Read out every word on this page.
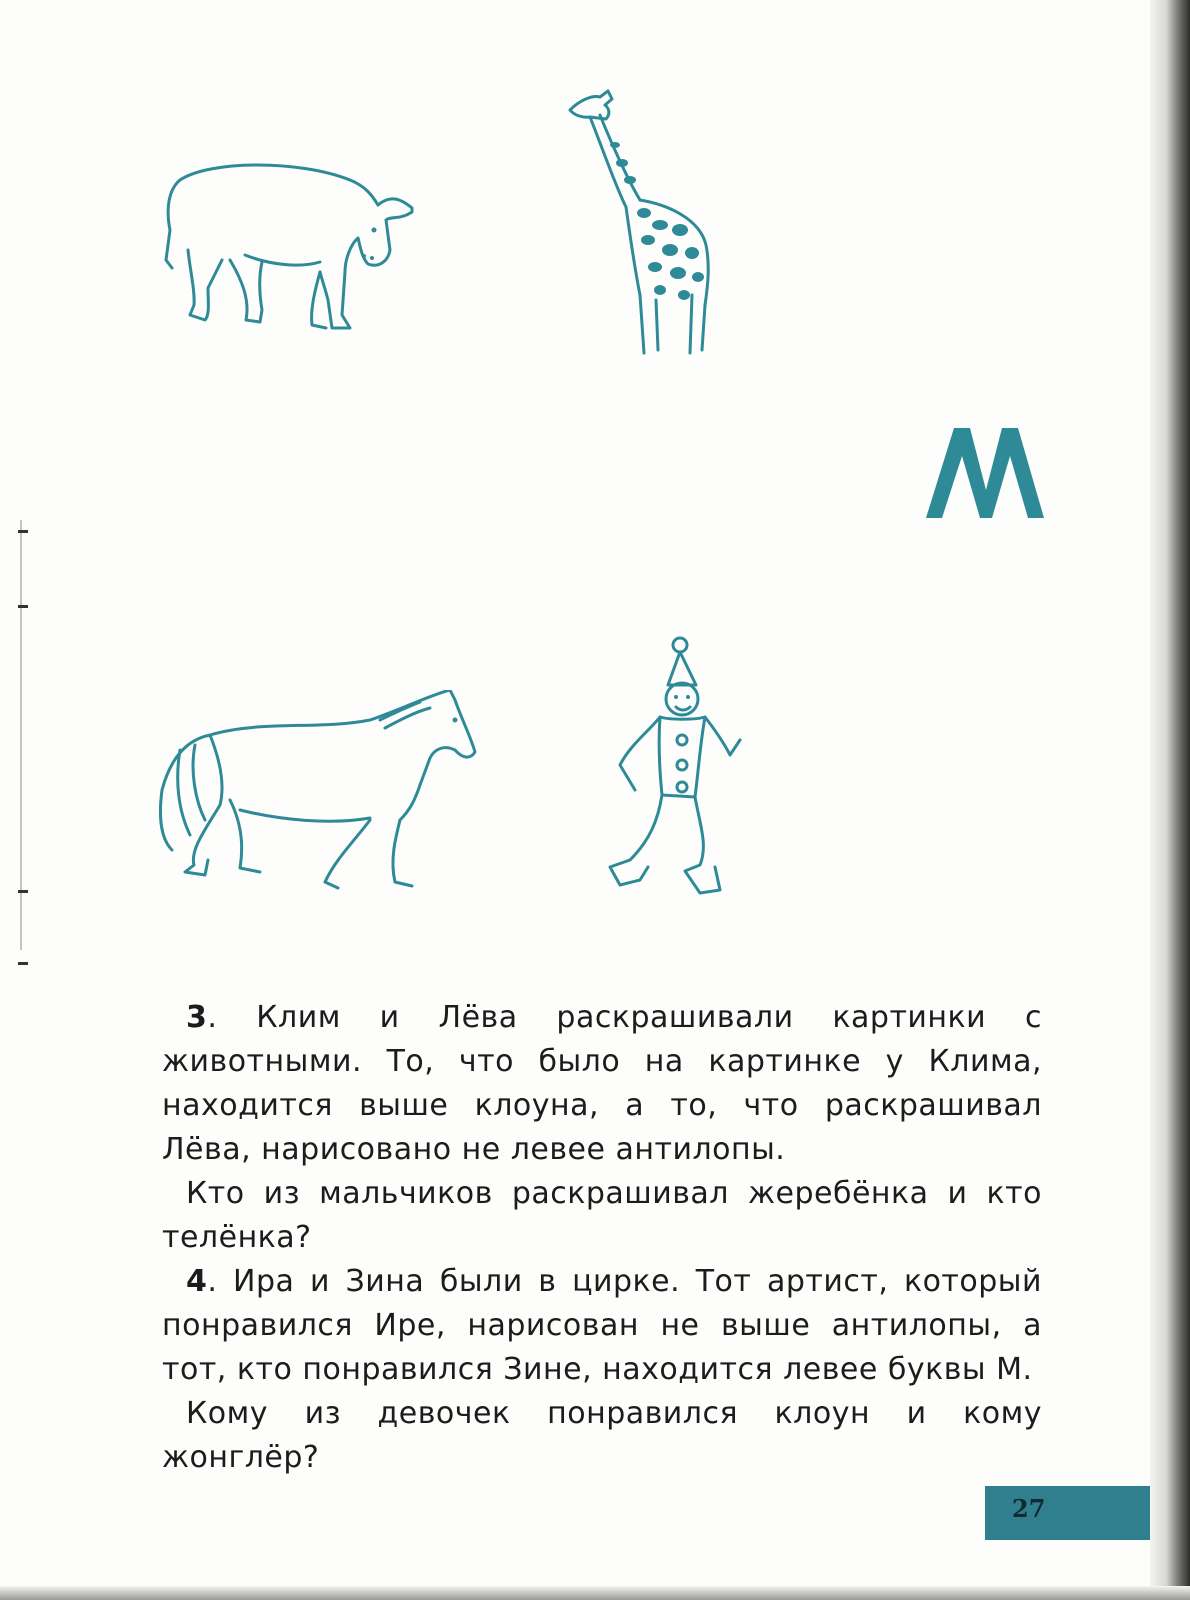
3. Клим и Лёва раскрашивали картинки с животными. То, что было на картинке у Клима, находится выше клоуна, а то, что раскрашивал Лёва, нарисовано не левее антилопы.

Кто из мальчиков раскрашивал жеребёнка и кто телёнка?

4. Ира и Зина были в цирке. Тот артист, который понравился Ире, нарисован не выше антилопы, а тот, кто понравился Зине, находится левее буквы М.

Кому из девочек понравился клоун и кому жонглёр?

27
